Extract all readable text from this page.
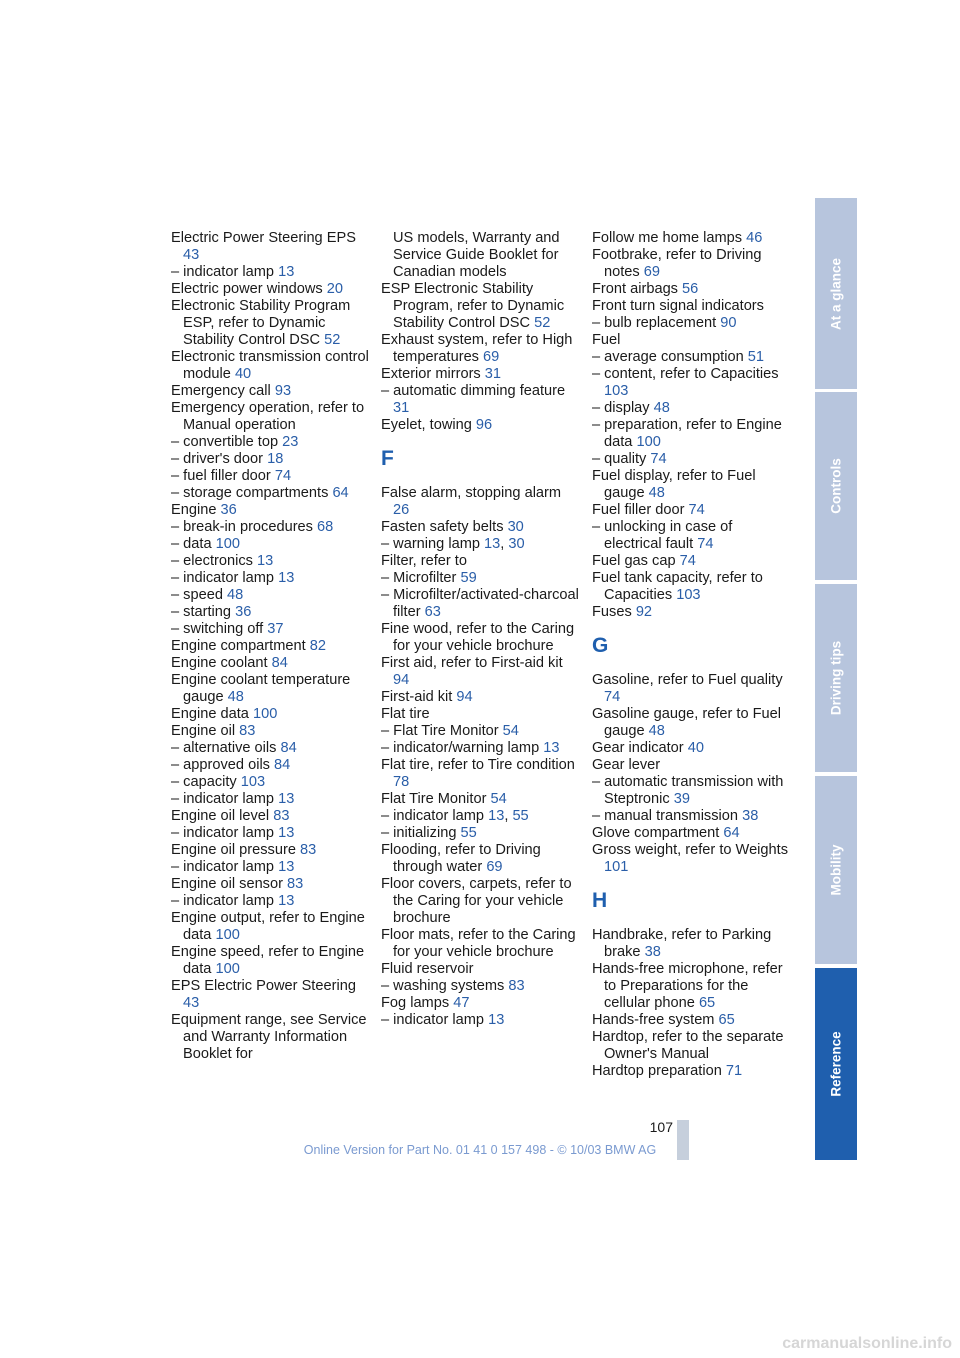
Electric Power Steering EPS 43
– indicator lamp 13
Electric power windows 20
Electronic Stability Program ESP, refer to Dynamic Stability Control DSC 52
Electronic transmission control module 40
Emergency call 93
Emergency operation, refer to Manual operation
– convertible top 23
– driver's door 18
– fuel filler door 74
– storage compartments 64
Engine 36
– break-in procedures 68
– data 100
– electronics 13
– indicator lamp 13
– speed 48
– starting 36
– switching off 37
Engine compartment 82
Engine coolant 84
Engine coolant temperature gauge 48
Engine data 100
Engine oil 83
– alternative oils 84
– approved oils 84
– capacity 103
– indicator lamp 13
Engine oil level 83
– indicator lamp 13
Engine oil pressure 83
– indicator lamp 13
Engine oil sensor 83
– indicator lamp 13
Engine output, refer to Engine data 100
Engine speed, refer to Engine data 100
EPS Electric Power Steering 43
Equipment range, see Service and Warranty Information Booklet for
US models, Warranty and Service Guide Booklet for Canadian models
ESP Electronic Stability Program, refer to Dynamic Stability Control DSC 52
Exhaust system, refer to High temperatures 69
Exterior mirrors 31
– automatic dimming feature 31
Eyelet, towing 96
F
False alarm, stopping alarm 26
Fasten safety belts 30
– warning lamp 13, 30
Filter, refer to
– Microfilter 59
– Microfilter/activated-charcoal filter 63
Fine wood, refer to the Caring for your vehicle brochure
First aid, refer to First-aid kit 94
First-aid kit 94
Flat tire
– Flat Tire Monitor 54
– indicator/warning lamp 13
Flat tire, refer to Tire condition 78
Flat Tire Monitor 54
– indicator lamp 13, 55
– initializing 55
Flooding, refer to Driving through water 69
Floor covers, carpets, refer to the Caring for your vehicle brochure
Floor mats, refer to the Caring for your vehicle brochure
Fluid reservoir
– washing systems 83
Fog lamps 47
– indicator lamp 13
Follow me home lamps 46
Footbrake, refer to Driving notes 69
Front airbags 56
Front turn signal indicators
– bulb replacement 90
Fuel
– average consumption 51
– content, refer to Capacities 103
– display 48
– preparation, refer to Engine data 100
– quality 74
Fuel display, refer to Fuel gauge 48
Fuel filler door 74
– unlocking in case of electrical fault 74
Fuel gas cap 74
Fuel tank capacity, refer to Capacities 103
Fuses 92
G
Gasoline, refer to Fuel quality 74
Gasoline gauge, refer to Fuel gauge 48
Gear indicator 40
Gear lever
– automatic transmission with Steptronic 39
– manual transmission 38
Glove compartment 64
Gross weight, refer to Weights 101
H
Handbrake, refer to Parking brake 38
Hands-free microphone, refer to Preparations for the cellular phone 65
Hands-free system 65
Hardtop, refer to the separate Owner's Manual
Hardtop preparation 71
At a glance
Controls
Driving tips
Mobility
Reference
107
Online Version for Part No. 01 41 0 157 498 - © 10/03 BMW AG
carmanualsonline.info
